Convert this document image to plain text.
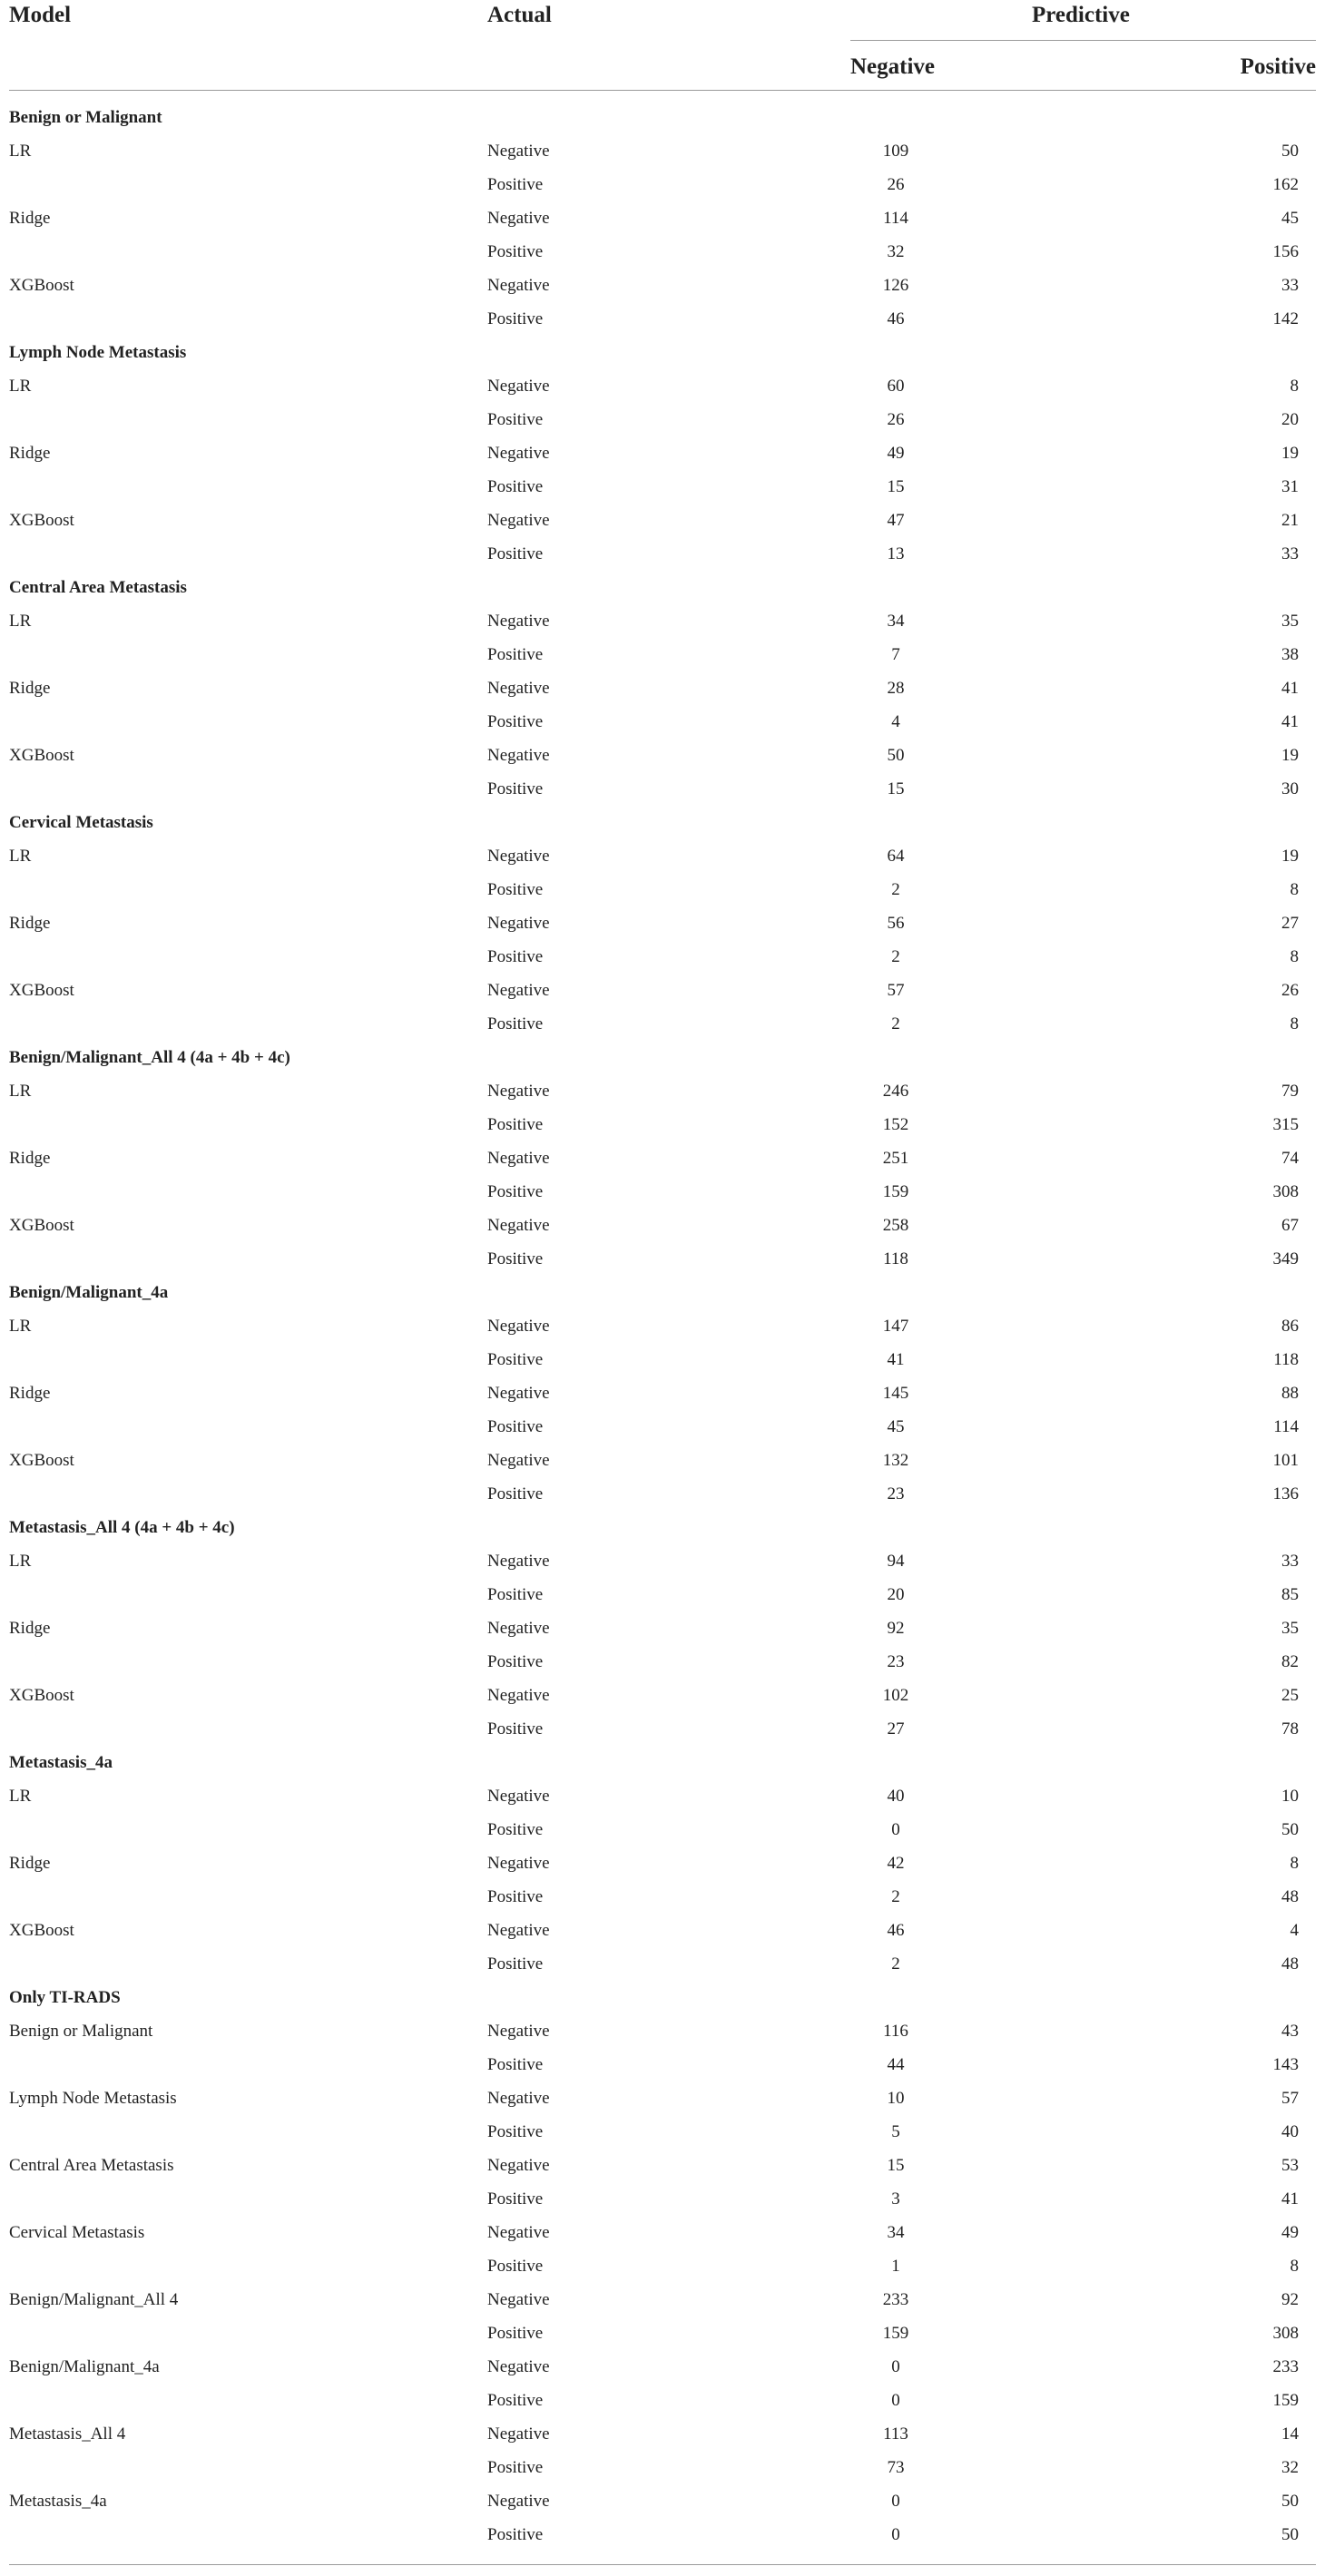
Model	Actual	Predictive
Negative	Positive
Benign or Malignant
LR	Negative	109	50
Positive	26	162
Ridge	Negative	114	45
Positive	32	156
XGBoost	Negative	126	33
Positive	46	142
Lymph Node Metastasis
LR	Negative	60	8
Positive	26	20
Ridge	Negative	49	19
Positive	15	31
XGBoost	Negative	47	21
Positive	13	33
Central Area Metastasis
LR	Negative	34	35
Positive	7	38
Ridge	Negative	28	41
Positive	4	41
XGBoost	Negative	50	19
Positive	15	30
Cervical Metastasis
LR	Negative	64	19
Positive	2	8
Ridge	Negative	56	27
Positive	2	8
XGBoost	Negative	57	26
Positive	2	8
Benign/Malignant_All 4 (4a + 4b + 4c)
LR	Negative	246	79
Positive	152	315
Ridge	Negative	251	74
Positive	159	308
XGBoost	Negative	258	67
Positive	118	349
Benign/Malignant_4a
LR	Negative	147	86
Positive	41	118
Ridge	Negative	145	88
Positive	45	114
XGBoost	Negative	132	101
Positive	23	136
Metastasis_All 4 (4a + 4b + 4c)
LR	Negative	94	33
Positive	20	85
Ridge	Negative	92	35
Positive	23	82
XGBoost	Negative	102	25
Positive	27	78
Metastasis_4a
LR	Negative	40	10
Positive	0	50
Ridge	Negative	42	8
Positive	2	48
XGBoost	Negative	46	4
Positive	2	48
Only TI-RADS
Benign or Malignant	Negative	116	43
Positive	44	143
Lymph Node Metastasis	Negative	10	57
Positive	5	40
Central Area Metastasis	Negative	15	53
Positive	3	41
Cervical Metastasis	Negative	34	49
Positive	1	8
Benign/Malignant_All 4	Negative	233	92
Positive	159	308
Benign/Malignant_4a	Negative	0	233
Positive	0	159
Metastasis_All 4	Negative	113	14
Positive	73	32
Metastasis_4a	Negative	0	50
Positive	0	50
